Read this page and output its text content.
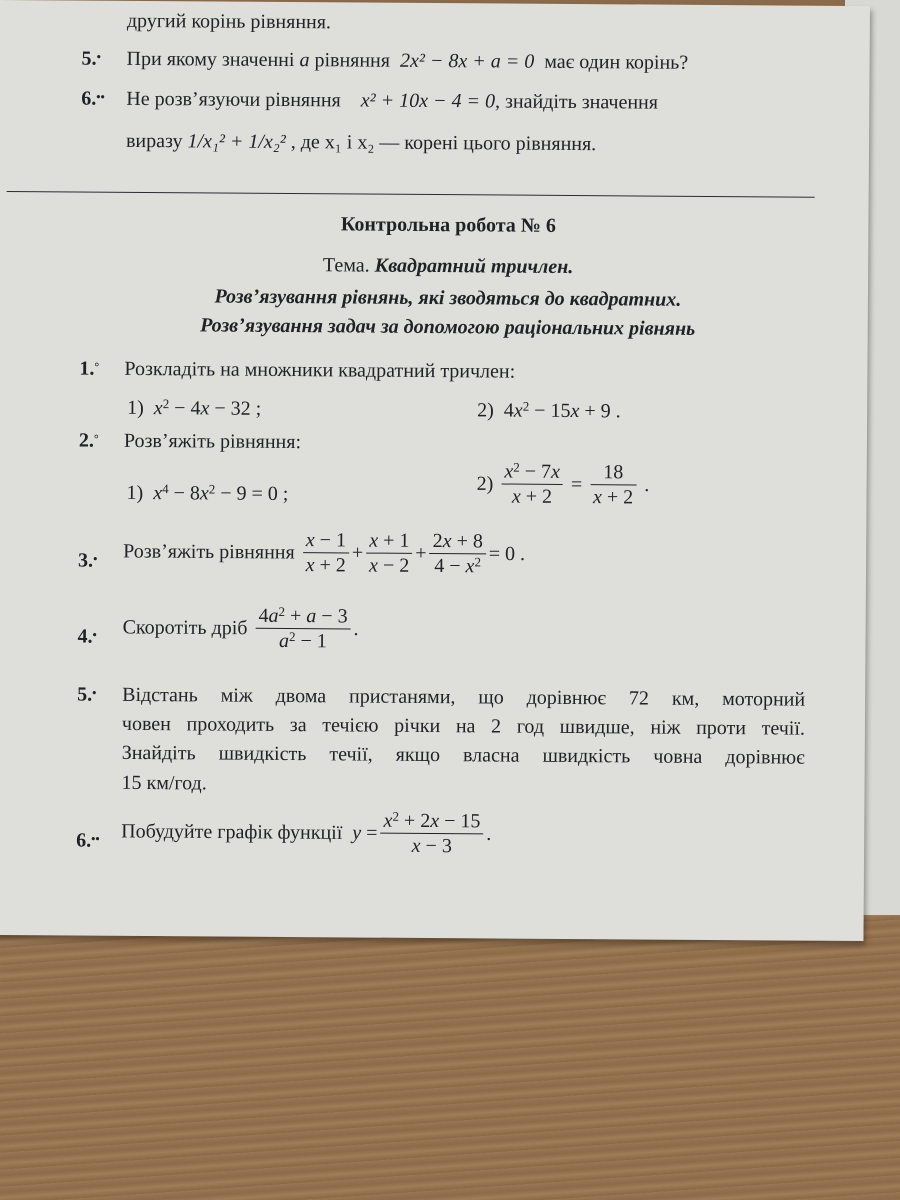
другий корінь рівняння.
5.• При якому значенні a рівняння 2x² − 8x + a = 0 має один корінь?
6.•• Не розв’язуючи рівняння x² + 10x − 4 = 0, знайдіть значення
виразу 1/x₁² + 1/x₂² , де x₁ і x₂ — корені цього рівняння.
Контрольна робота № 6
Тема. Квадратний тричлен.
Розв’язування рівнянь, які зводяться до квадратних.
Розв’язування задач за допомогою раціональних рівнянь
1.° Розкладіть на множники квадратний тричлен:
1) $x^2 - 4x - 32$ ;	2)  $4x^2 - 15x + 9$ .
2.° Розв’яжіть рівняння:
1) $x^4 - 8x^2 - 9 = 0$ ;	$2) \frac{x^2 - 7x}{x + 2} = \frac{18}{x + 2}$ .
3.• Розв’яжіть рівняння $\frac{x - 1}{x + 2} + \frac{x + 1}{x - 2} + \frac{2x + 8}{4 - x^2} = 0$ .
4.• Скоротіть дріб $\frac{4a^2 + a - 3}{a^2 - 1}$ .
5.• Відстань між двома пристанями, що дорівнює 72 км, моторний
човен проходить за течією річки на 2 год швидше, ніж проти течії.
Знайдіть швидкість течії, якщо власна швидкість човна дорівнює
15 км/год.
6.•• Побудуйте графік функції $y = \frac{x^2 + 2x - 15}{x - 3}$ .
